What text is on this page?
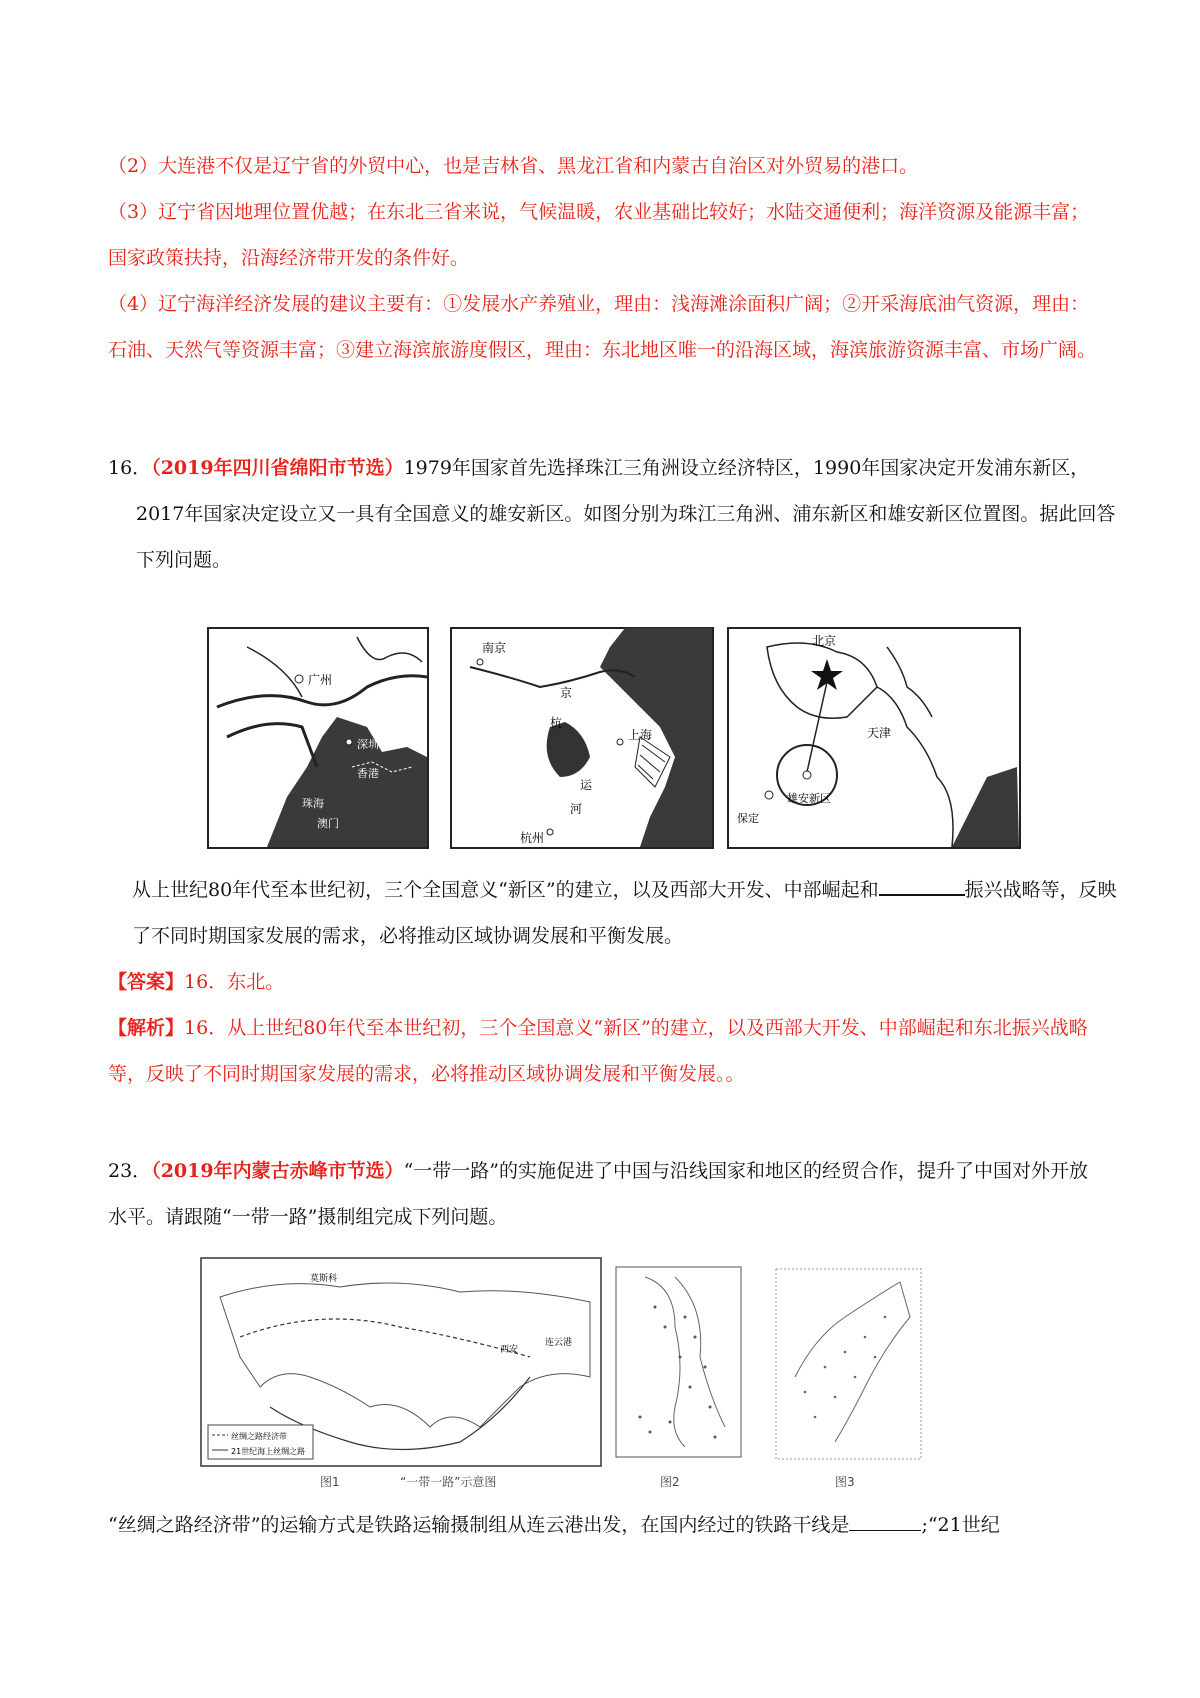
（2）大连港不仅是辽宁省的外贸中心，也是吉林省、黑龙江省和内蒙古自治区对外贸易的港口。

（3）辽宁省因地理位置优越；在东北三省来说，气候温暖，农业基础比较好；水陆交通便利；海洋资源及能源丰富；国家政策扶持，沿海经济带开发的条件好。

（4）辽宁海洋经济发展的建议主要有：①发展水产养殖业，理由：浅海滩涂面积广阔；②开采海底油气资源，理由：石油、天然气等资源丰富；③建立海滨旅游度假区，理由：东北地区唯一的沿海区域，海滨旅游资源丰富、市场广阔。

16．（2019年四川省绵阳市节选）1979年国家首先选择珠江三角洲设立经济特区，1990年国家决定开发浦东新区，2017年国家决定设立又一具有全国意义的雄安新区。如图分别为珠江三角洲、浦东新区和雄安新区位置图。据此回答下列问题。

广州
深圳
珠海
香港
澳门
南京
京
杭
上海
运
河
杭州
北京
雄安新区
天津
保定

从上世纪80年代至本世纪初，三个全国意义“新区”的建立，以及西部大开发、中部崛起和	振兴战略等，反映了不同时期国家发展的需求，必将推动区域协调发展和平衡发展。

【答案】16．东北。

【解析】16．从上世纪80年代至本世纪初，三个全国意义“新区”的建立，以及西部大开发、中部崛起和东北振兴战略等，反映了不同时期国家发展的需求，必将推动区域协调发展和平衡发展。。

23．（2019年内蒙古赤峰市节选）“一带一路”的实施促进了中国与沿线国家和地区的经贸合作，提升了中国对外开放水平。请跟随“一带一路”摄制组完成下列问题。

莫斯科
西安
连云港
丝绸之路经济带
21世纪海上丝绸之路
图1	“一带一路”示意图	图2	图3

“丝绸之路经济带”的运输方式是铁路运输摄制组从连云港出发，在国内经过的铁路干线是	;“21世纪
